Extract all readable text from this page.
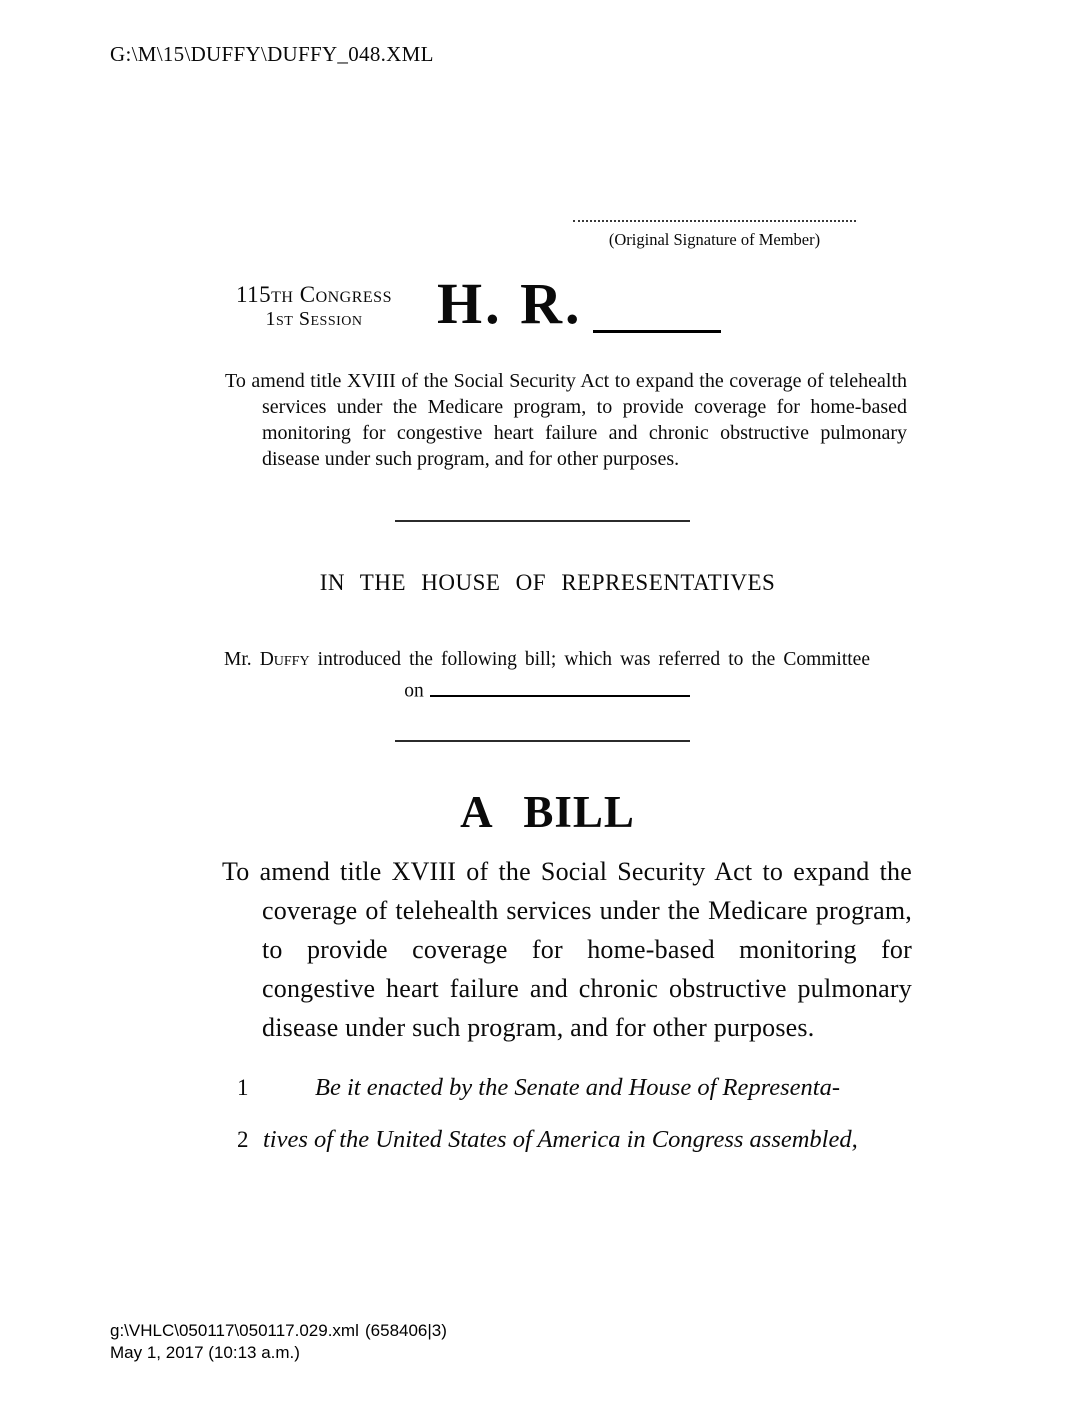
G:\M\15\DUFFY\DUFFY_048.XML
(Original Signature of Member)
115th Congress
1st Session	H. R.

To amend title XVIII of the Social Security Act to expand the coverage of telehealth services under the Medicare program, to provide coverage for home-based monitoring for congestive heart failure and chronic obstructive pulmonary disease under such program, and for other purposes.

IN THE HOUSE OF REPRESENTATIVES

Mr. Duffy introduced the following bill; which was referred to the Committee

on

A BILL

To amend title XVIII of the Social Security Act to expand the coverage of telehealth services under the Medicare program, to provide coverage for home-based monitoring for congestive heart failure and chronic obstructive pulmonary disease under such program, and for other purposes.

1	Be it enacted by the Senate and House of Representa-
2 tives of the United States of America in Congress assembled,
g:\VHLC\050117\050117.029.xml (658406|3)
May 1, 2017 (10:13 a.m.)
